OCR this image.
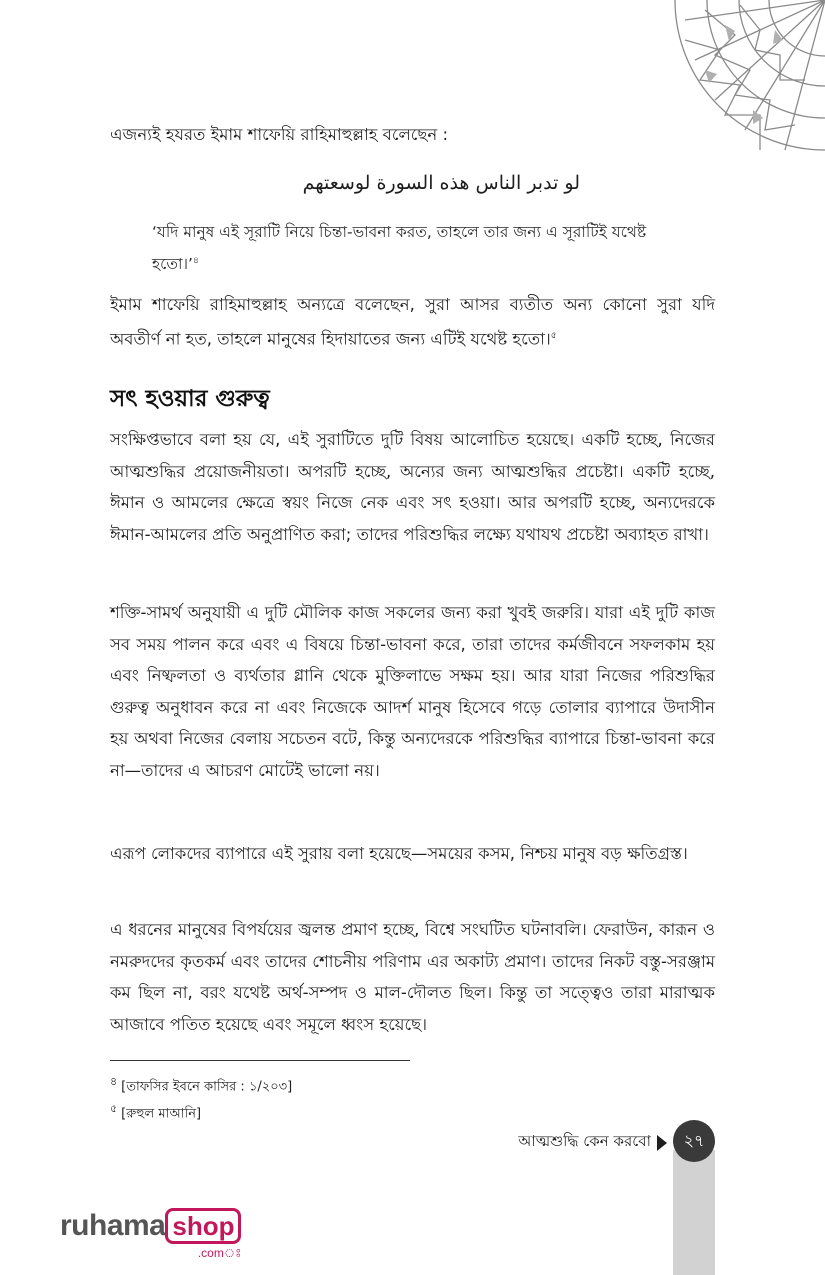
এজন্যই হযরত ইমাম শাফেয়ি রাহিমাহুল্লাহ বলেছেন :
لو تدبر الناس هذه السورة لوسعتهم
‘যদি মানুষ এই সূরাটি নিয়ে চিন্তা-ভাবনা করত, তাহলে তার জন্য এ সূরাটিই যথেষ্ট হতো।’$^৪$
ইমাম শাফেয়ি রাহিমাহুল্লাহ অন্যত্রে বলেছেন, সুরা আসর ব্যতীত অন্য কোনো সুরা যদি অবতীর্ণ না হত, তাহলে মানুষের হিদায়াতের জন্য এটিই যথেষ্ট হতো।$^৫$
সৎ হওয়ার গুরুত্ব
সংক্ষিপ্তভাবে বলা হয় যে, এই সুরাটিতে দুটি বিষয় আলোচিত হয়েছে। একটি হচ্ছে, নিজের আত্মশুদ্ধির প্রয়োজনীয়তা। অপরটি হচ্ছে, অন্যের জন্য আত্মশুদ্ধির প্রচেষ্টা। একটি হচ্ছে, ঈমান ও আমলের ক্ষেত্রে স্বয়ং নিজে নেক এবং সৎ হওয়া। আর অপরটি হচ্ছে, অন্যদেরকে ঈমান-আমলের প্রতি অনুপ্রাণিত করা; তাদের পরিশুদ্ধির লক্ষ্যে যথাযথ প্রচেষ্টা অব্যাহত রাখা।
শক্তি-সামর্থ অনুযায়ী এ দুটি মৌলিক কাজ সকলের জন্য করা খুবই জরুরি। যারা এই দুটি কাজ সব সময় পালন করে এবং এ বিষয়ে চিন্তা-ভাবনা করে, তারা তাদের কর্মজীবনে সফলকাম হয় এবং নিষ্ফলতা ও ব্যর্থতার গ্লানি থেকে মুক্তিলাভে সক্ষম হয়। আর যারা নিজের পরিশুদ্ধির গুরুত্ব অনুধাবন করে না এবং নিজেকে আদর্শ মানুষ হিসেবে গড়ে তোলার ব্যাপারে উদাসীন হয় অথবা নিজের বেলায় সচেতন বটে, কিন্তু অন্যদেরকে পরিশুদ্ধির ব্যাপারে চিন্তা-ভাবনা করে না—তাদের এ আচরণ মোটেই ভালো নয়।
এরূপ লোকদের ব্যাপারে এই সুরায় বলা হয়েছে—সময়ের কসম, নিশ্চয় মানুষ বড় ক্ষতিগ্রস্ত।
এ ধরনের মানুষের বিপর্যয়ের জ্বলন্ত প্রমাণ হচ্ছে, বিশ্বে সংঘটিত ঘটনাবলি। ফেরাউন, কারূন ও নমরুদদের কৃতকর্ম এবং তাদের শোচনীয় পরিণাম এর অকাট্য প্রমাণ। তাদের নিকট বস্তু-সরঞ্জাম কম ছিল না, বরং যথেষ্ট অর্থ-সম্পদ ও মাল-দৌলত ছিল। কিন্তু তা সত্ত্বেও তারা মারাত্মক আজাবে পতিত হয়েছে এবং সমূলে ধ্বংস হয়েছে।
$^৪$ [তাফসির ইবনে কাসির : ১/২০৩]
$^৫$ [রুহুল মাআনি]
আত্মশুদ্ধি কেন করবো	২৭
ruhama shop
.comঃ
